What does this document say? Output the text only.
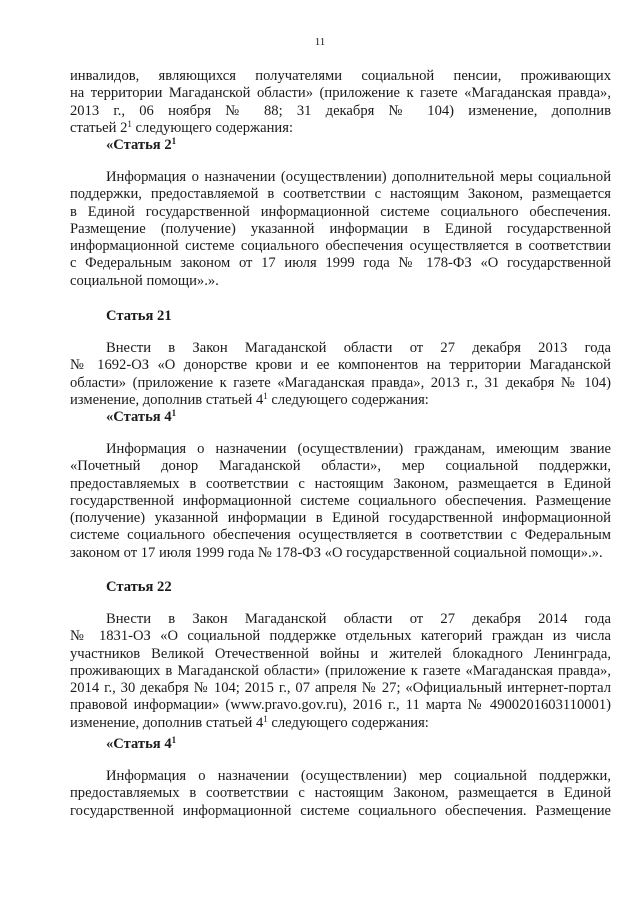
11
инвалидов, являющихся получателями социальной пенсии, проживающих
на территории Магаданской области» (приложение к газете «Магаданская правда»,
2013 г., 06 ноября № 88; 31 декабря № 104) изменение, дополнив
статьей $2^1$ следующего содержания:
«Статья $2^1$
Информация о назначении (осуществлении) дополнительной меры социальной
поддержки, предоставляемой в соответствии с настоящим Законом, размещается
в Единой государственной информационной системе социального обеспечения.
Размещение (получение) указанной информации в Единой государственной
информационной системе социального обеспечения осуществляется в соответствии
с Федеральным законом от 17 июля 1999 года № 178-ФЗ «О государственной
социальной помощи».».
Статья 21
Внести в Закон Магаданской области от 27 декабря 2013 года
№ 1692-ОЗ «О донорстве крови и ее компонентов на территории Магаданской
области» (приложение к газете «Магаданская правда», 2013 г., 31 декабря № 104)
изменение, дополнив статьей $4^1$ следующего содержания:
«Статья $4^1$
Информация о назначении (осуществлении) гражданам, имеющим звание
«Почетный донор Магаданской области», мер социальной поддержки,
предоставляемых в соответствии с настоящим Законом, размещается в Единой
государственной информационной системе социального обеспечения. Размещение
(получение) указанной информации в Единой государственной информационной
системе социального обеспечения осуществляется в соответствии с Федеральным
законом от 17 июля 1999 года № 178-ФЗ «О государственной социальной помощи».».
Статья 22
Внести в Закон Магаданской области от 27 декабря 2014 года
№ 1831-ОЗ «О социальной поддержке отдельных категорий граждан из числа
участников Великой Отечественной войны и жителей блокадного Ленинграда,
проживающих в Магаданской области» (приложение к газете «Магаданская правда»,
2014 г., 30 декабря № 104; 2015 г., 07 апреля № 27; «Официальный интернет-портал
правовой информации» (www.pravo.gov.ru), 2016 г., 11 марта № 4900201603110001)
изменение, дополнив статьей $4^1$ следующего содержания:
«Статья $4^1$
Информация о назначении (осуществлении) мер социальной поддержки,
предоставляемых в соответствии с настоящим Законом, размещается в Единой
государственной информационной системе социального обеспечения. Размещение
